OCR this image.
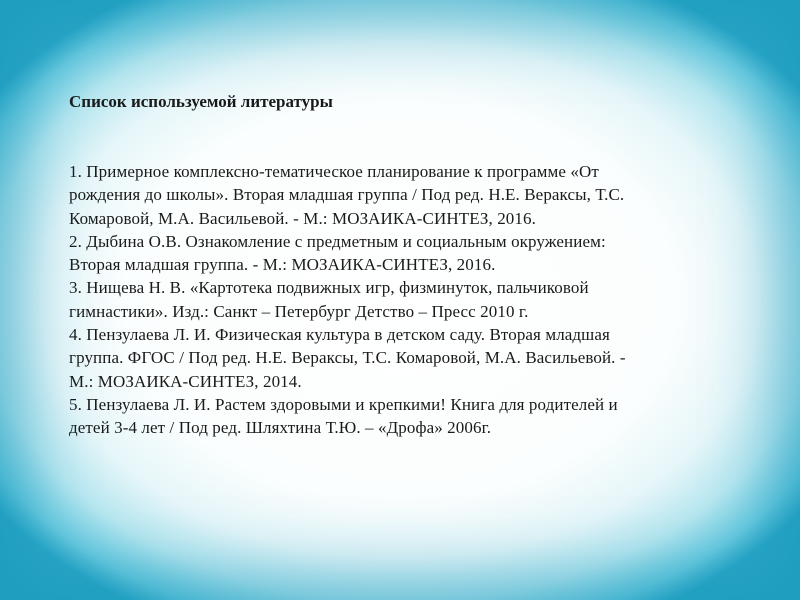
Список используемой литературы
1. Примерное комплексно-тематическое планирование к программе «От
рождения до школы». Вторая младшая группа / Под ред. Н.Е. Вераксы, Т.С.
Комаровой, М.А. Васильевой. - М.: МОЗАИКА-СИНТЕЗ, 2016.
2. Дыбина О.В. Ознакомление с предметным и социальным окружением:
Вторая младшая группа. - М.: МОЗАИКА-СИНТЕЗ, 2016.
3. Нищева Н. В. «Картотека подвижных игр, физминуток, пальчиковой
гимнастики». Изд.: Санкт – Петербург Детство – Пресс 2010 г.
4. Пензулаева Л. И. Физическая культура в детском саду. Вторая младшая
группа. ФГОС / Под ред. Н.Е. Вераксы, Т.С. Комаровой, М.А. Васильевой. -
М.: МОЗАИКА-СИНТЕЗ, 2014.
5. Пензулаева Л. И. Растем здоровыми и крепкими! Книга для родителей и
детей 3-4 лет / Под ред. Шляхтина Т.Ю. – «Дрофа» 2006г.
